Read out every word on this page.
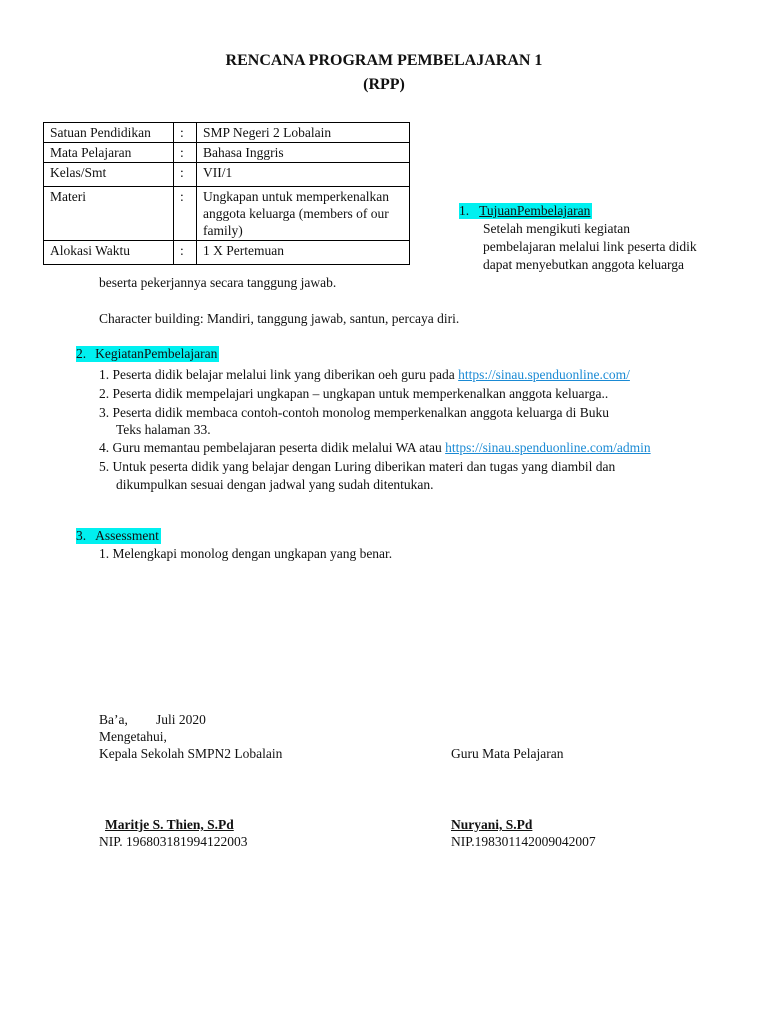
RENCANA PROGRAM PEMBELAJARAN 1
(RPP)
Satuan Pendidikan	:	SMP Negeri 2 Lobalain
Mata Pelajaran	:	Bahasa Inggris
Kelas/Smt	:	VII/1
Materi	:	Ungkapan untuk memperkenalkan
anggota keluarga (members of our
family)

Alokasi Waktu	:	1 X Pertemuan
1. TujuanPembelajaran
Setelah mengikuti kegiatan
pembelajaran melalui link peserta didik
dapat menyebutkan anggota keluarga
beserta pekerjannya secara tanggung jawab.
Character building: Mandiri, tanggung jawab, santun, percaya diri.
2. KegiatanPembelajaran
1. Peserta didik belajar melalui link yang diberikan oeh guru pada https://sinau.spenduonline.com/
2. Peserta didik mempelajari ungkapan – ungkapan untuk memperkenalkan anggota keluarga..
3. Peserta didik membaca contoh-contoh monolog memperkenalkan anggota keluarga di Buku
Teks halaman 33.
4. Guru memantau pembelajaran peserta didik melalui WA atau https://sinau.spenduonline.com/admin
5. Untuk peserta didik yang belajar dengan Luring diberikan materi dan tugas yang diambil dan
dikumpulkan sesuai dengan jadwal yang sudah ditentukan.
3. Assessment
1. Melengkapi monolog dengan ungkapan yang benar.
Ba’a, Juli 2020
Mengetahui,
Kepala Sekolah SMPN2 Lobalain	Guru Mata Pelajaran
Maritje S. Thien, S.Pd	Nuryani, S.Pd
NIP. 196803181994122003	NIP.198301142009042007
